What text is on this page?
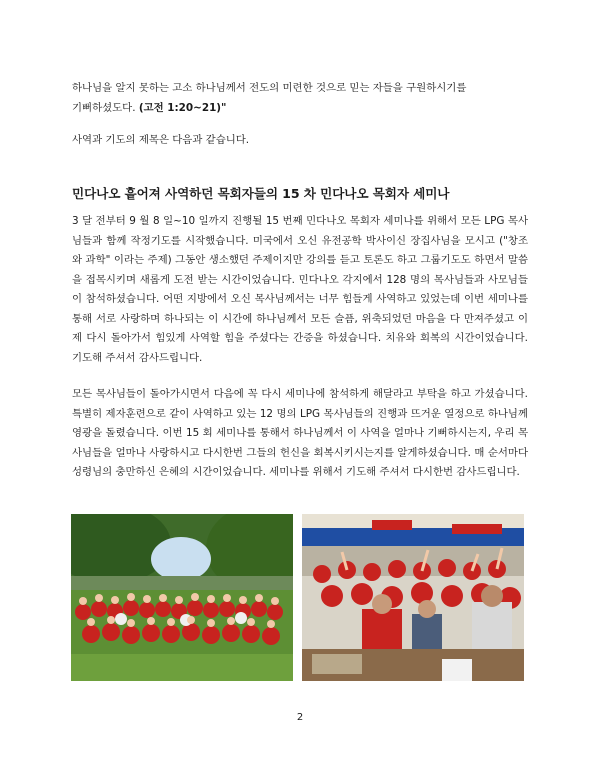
하나님을 알지 못하는 고소 하나님께서 전도의 미련한 것으로 믿는 자들을 구원하시기를
기뻐하셨도다. (고전 1:20~21)"

사역과 기도의 제목은 다음과 같습니다.

민다나오 흩어져 사역하던 목회자들의 15 차 민다나오 목회자 세미나

3 달 전부터 9 월 8 일~10 일까지 진행될 15 번째 민다나오 목회자 세미나를 위해서 모든 LPG 목사님들과 함께 작정기도를 시작했습니다. 미국에서 오신 유전공학 박사이신 장집사님을 모시고 ("창조와 과학" 이라는 주제) 그동안 생소했던 주제이지만 강의를 듣고 토론도 하고 그룹기도도 하면서 말씀을 접목시키며 새롭게 도전 받는 시간이었습니다. 민다나오 각지에서 128 명의 목사님들과 사모님들이 참석하셨습니다. 어떤 지방에서 오신 목사님께서는 너무 힘들게 사역하고 있었는데 이번 세미나를 통해 서로 사랑하며 하나되는 이 시간에 하나님께서 모든 슬픔, 위축되었던 마음을 다 만져주셨고 이제 다시 돌아가서 힘있게 사역할 힘을 주셨다는 간증을 하셨습니다. 치유와 회복의 시간이었습니다. 기도해 주셔서 감사드립니다.

모든 목사님들이 돌아가시면서 다음에 꼭 다시 세미나에 참석하게 해달라고 부탁을 하고 가셨습니다. 특별히 제자훈련으로 같이 사역하고 있는 12 명의 LPG 목사님들의 진행과 뜨거운 열정으로 하나님께 영광을 돌렸습니다. 이번 15 회 세미나를 통해서 하나님께서 이 사역을 얼마나 기뻐하시는지, 우리 목사님들을 얼마나 사랑하시고 다시한번 그들의 헌신을 회복시키시는지를 알게하셨습니다. 매 순서마다 성령님의 충만하신 은혜의 시간이었습니다. 세미나를 위해서 기도해 주셔서 다시한번 감사드립니다.

2
